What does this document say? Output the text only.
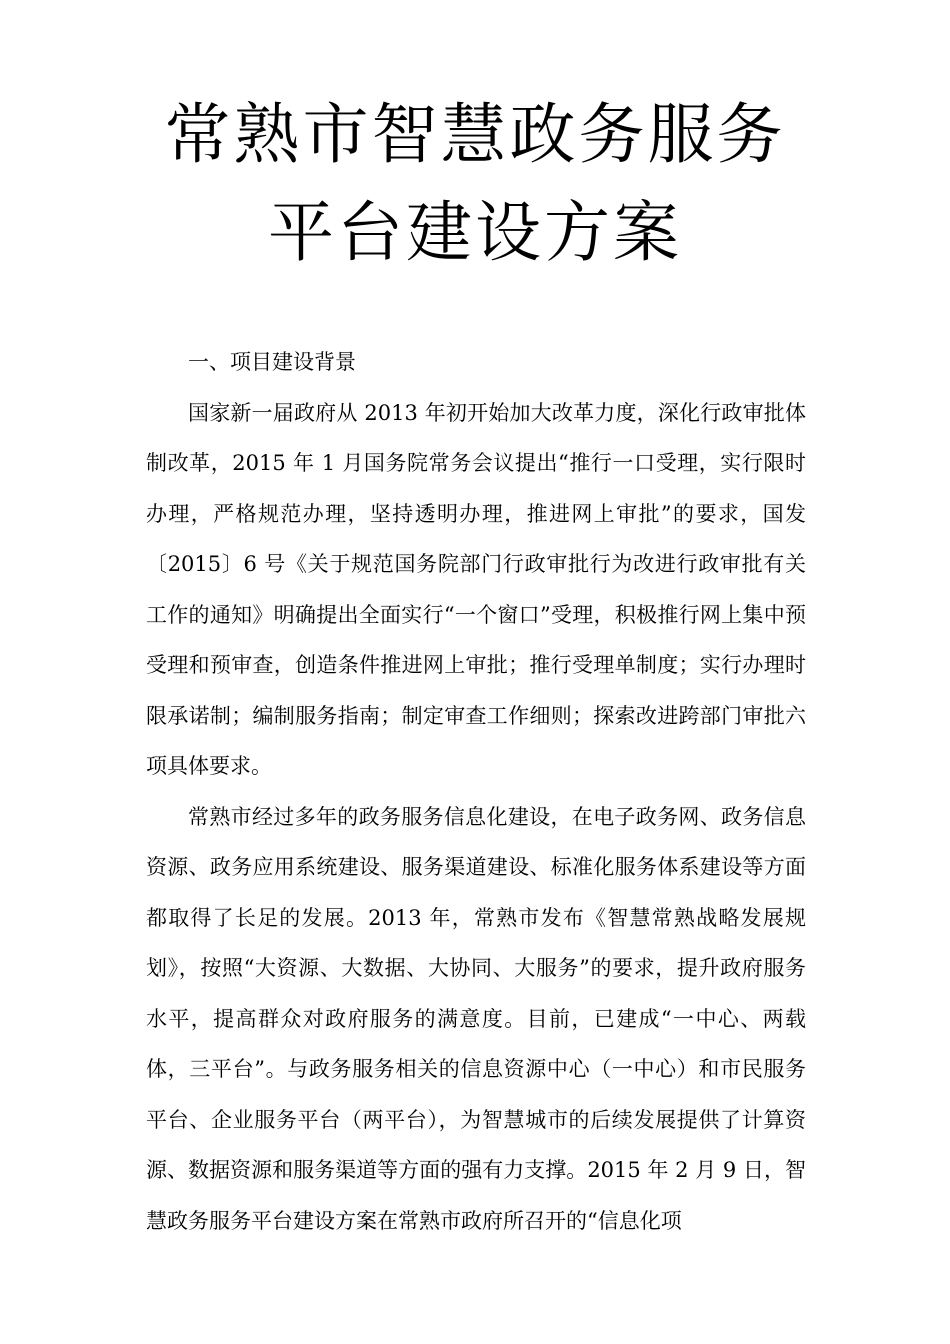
常熟市智慧政务服务
平台建设方案
一、项目建设背景

国家新一届政府从 2013 年初开始加大改革力度，深化行政审批体制改革，2015 年 1 月国务院常务会议提出“推行一口受理，实行限时办理，严格规范办理，坚持透明办理，推进网上审批”的要求，国发〔2015〕6 号《关于规范国务院部门行政审批行为改进行政审批有关工作的通知》明确提出全面实行“一个窗口”受理，积极推行网上集中预受理和预审查，创造条件推进网上审批；推行受理单制度；实行办理时限承诺制；编制服务指南；制定审查工作细则；探索改进跨部门审批六项具体要求。

常熟市经过多年的政务服务信息化建设，在电子政务网、政务信息资源、政务应用系统建设、服务渠道建设、标准化服务体系建设等方面都取得了长足的发展。2013 年，常熟市发布《智慧常熟战略发展规划》，按照“大资源、大数据、大协同、大服务”的要求，提升政府服务水平，提高群众对政府服务的满意度。目前，已建成“一中心、两载体，三平台”。与政务服务相关的信息资源中心（一中心）和市民服务平台、企业服务平台（两平台），为智慧城市的后续发展提供了计算资源、数据资源和服务渠道等方面的强有力支撑。2015 年 2 月 9 日，智慧政务服务平台建设方案在常熟市政府所召开的“信息化项
